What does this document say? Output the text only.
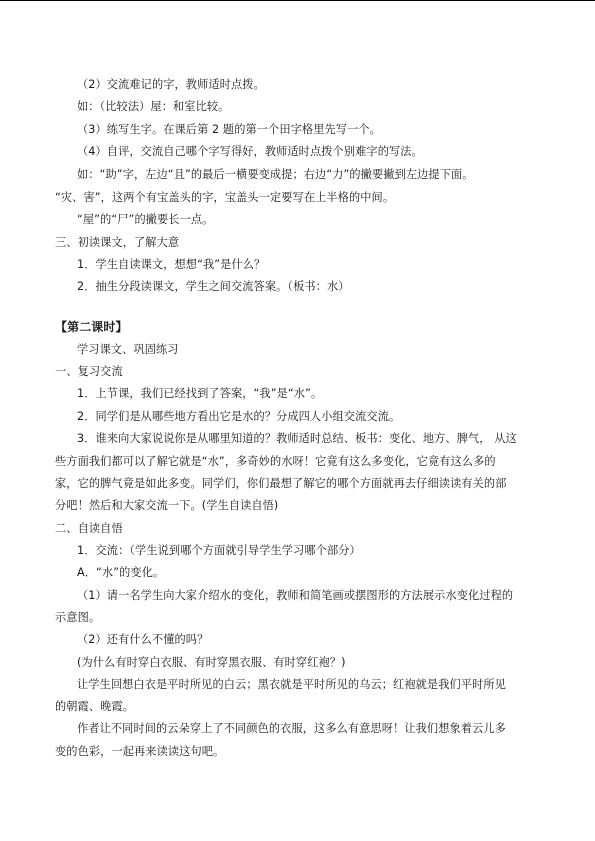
（2）交流难记的字，教师适时点拨。
如：（比较法）屋：和室比较。
（3）练写生字。在课后第 2 题的第一个田字格里先写一个。
（4）自评，交流自己哪个字写得好，教师适时点拨个别难字的写法。
如：“助”字，左边“且”的最后一横要变成提；右边“力”的撇要撇到左边提下面。
“灾、害”，这两个有宝盖头的字，宝盖头一定要写在上半格的中间。
“屋”的“尸”的撇要长一点。
三、初读课文，了解大意
1．学生自读课文，想想“我”是什么？
2．抽生分段读课文，学生之间交流答案。（板书：水）
【第二课时】
学习课文、巩固练习
一、复习交流
1．上节课，我们已经找到了答案，“我”是“水”。
2．同学们是从哪些地方看出它是水的？分成四人小组交流交流。
3．谁来向大家说说你是从哪里知道的？教师适时总结、板书：变化、地方、脾气， 从这
些方面我们都可以了解它就是“水”，多奇妙的水呀！它竟有这么多变化，它竟有这么多的
家，它的脾气竟是如此多变。同学们，你们最想了解它的哪个方面就再去仔细读读有关的部
分吧！然后和大家交流一下。(学生自读自悟)
二、自读自悟
1．交流：（学生说到哪个方面就引导学生学习哪个部分）
A．“水”的变化。
（1）请一名学生向大家介绍水的变化，教师和简笔画或摆图形的方法展示水变化过程的
示意图。
（2）还有什么不懂的吗？
(为什么有时穿白衣服、有时穿黑衣服、有时穿红袍？)
让学生回想白衣是平时所见的白云；黑衣就是平时所见的乌云；红袍就是我们平时所见
的朝霞、晚霞。
作者让不同时间的云朵穿上了不同颜色的衣服，这多么有意思呀！让我们想象着云儿多
变的色彩，一起再来读读这句吧。
